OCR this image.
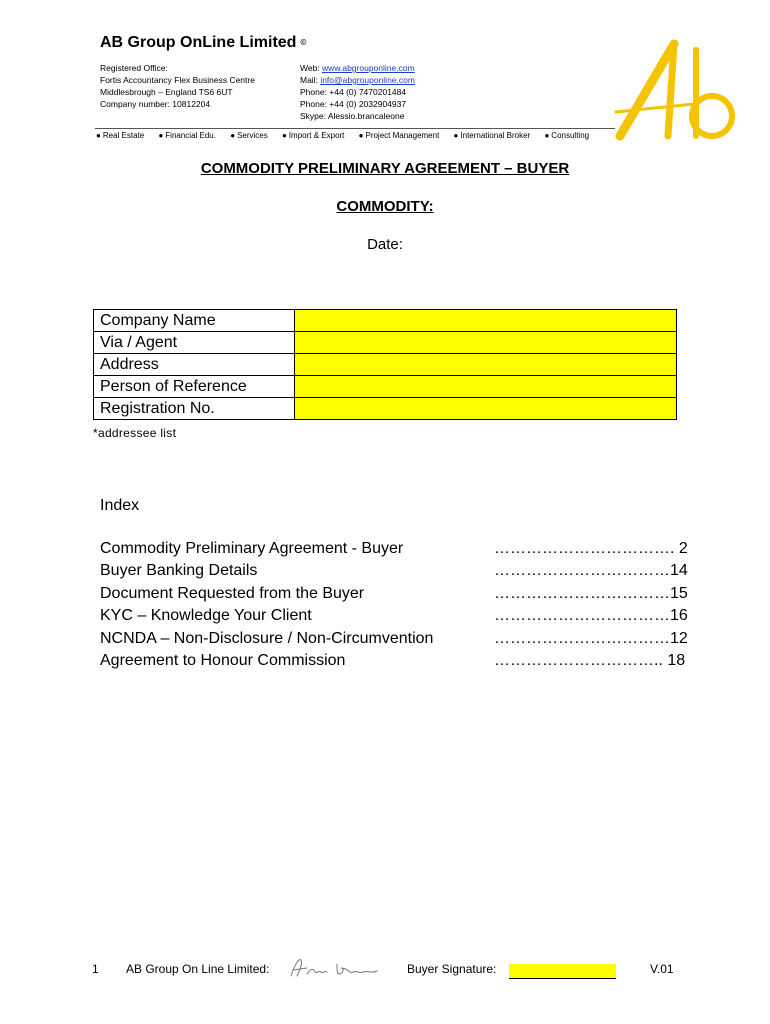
AB Group OnLine Limited ©
Registered Office:
Fortis Accountancy Flex Business Centre
Middlesbrough – England TS6 6UT
Company number: 10812204
Web: www.abgrouponline.com
Mail: info@abgrouponline.com
Phone: +44 (0) 7470201484
Phone: +44 (0) 2032904937
Skype: Alessio.brancaleone
● Real Estate ● Financial Edu. ● Services ● Import & Export ● Project Management ● International Broker ● Consulting
COMMODITY PRELIMINARY AGREEMENT – BUYER
COMMODITY:
Date:
Company Name	
Via / Agent	
Address	
Person of Reference	
Registration No.	
*addressee list
Index
Commodity Preliminary Agreement - Buyer	……………………………. 2
Buyer Banking Details	……………………………14
Document Requested from the Buyer	……………………………15
KYC – Knowledge Your Client	……………………………16
NCNDA – Non-Disclosure / Non-Circumvention	……………………………12
Agreement to Honour Commission	………………………….. 18
1 AB Group On Line Limited:	Buyer Signature:	V.01
